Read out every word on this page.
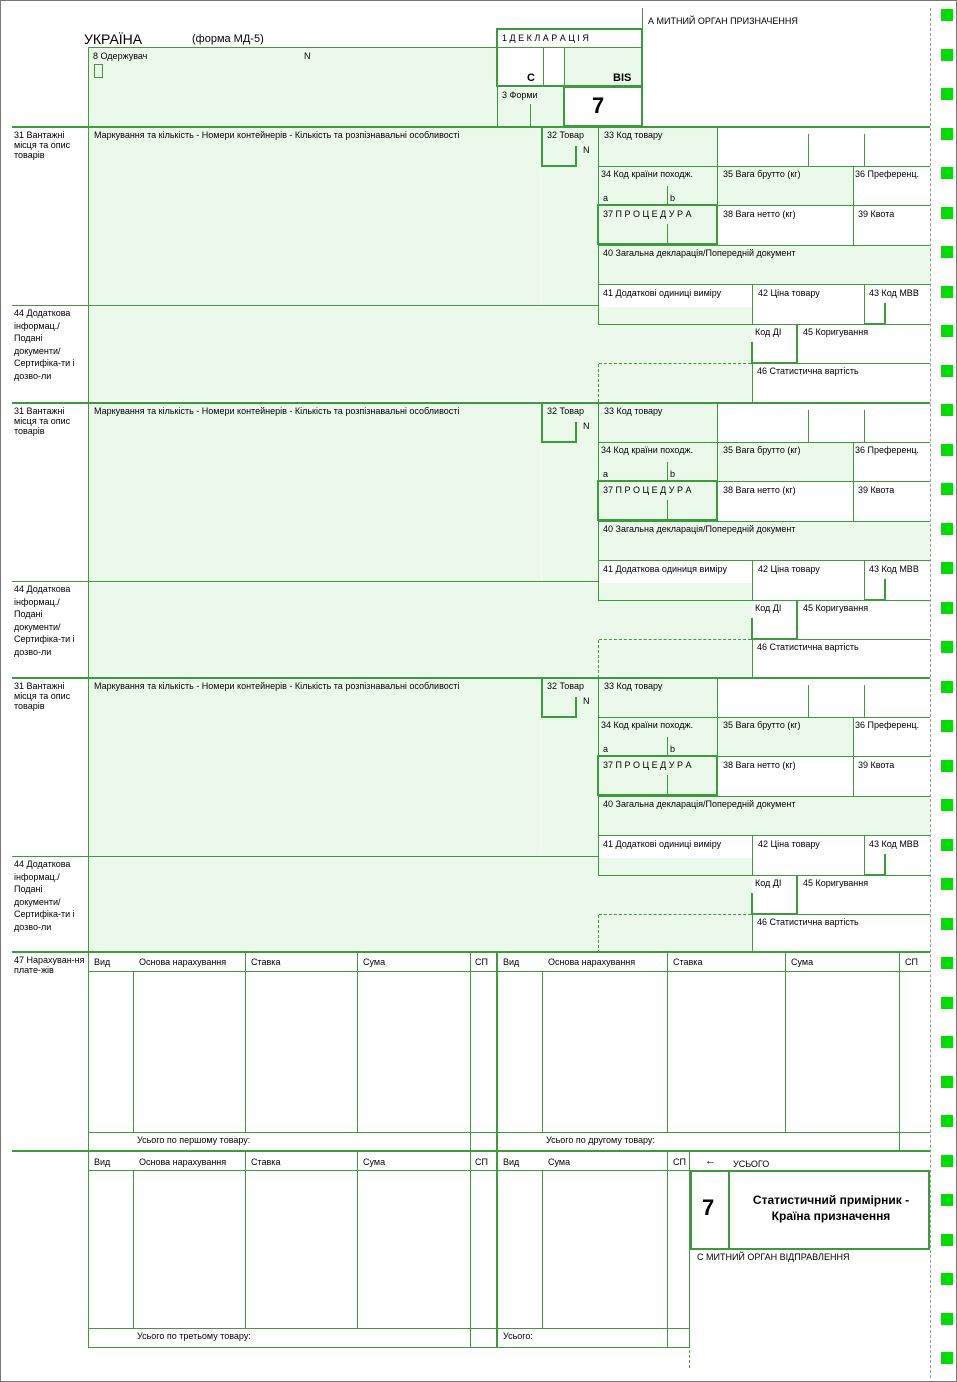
УКРАЇНА	(форма МД-5)
А МИТНИЙ ОРГАН ПРИЗНАЧЕННЯ
8 Одержувач	N
1 Д Е К Л А Р А Ц І Я
C	BIS
3 Форми 7
31 Вантажні місця та опис товарів
Маркування та кількість - Номери контейнерів - Кількість та розпізнавальні особливості	32 Товар
N
33 Код товару
34 Код країни походж.
a	b
35 Вага брутто (кг)	36 Преференц.
37 П Р О Ц Е Д У Р А	38 Вага нетто (кг)	39 Квота
40 Загальна декларація/Попередній документ
41 Додаткові одиниці виміру	42 Ціна товару	43 Код МВВ
44 Додаткова інформац./ Подані документи/ Сертифіка-ти і дозво-ли
Код ДІ 45 Коригування
46 Статистична вартість
31 Вантажні місця та опис товарів
Маркування та кількість - Номери контейнерів - Кількість та розпізнавальні особливості	32 Товар
N
33 Код товару
34 Код країни походж.
a	b
35 Вага брутто (кг)	36 Преференц.
37 П Р О Ц Е Д У Р А	38 Вага нетто (кг)	39 Квота
40 Загальна декларація/Попередній документ
41 Додаткова одиниця виміру	42 Ціна товару	43 Код МВВ
44 Додаткова інформац./ Подані документи/ Сертифіка-ти і дозво-ли
Код ДІ 45 Коригування
46 Статистична вартість
31 Вантажні місця та опис товарів
Маркування та кількість - Номери контейнерів - Кількість та розпізнавальні особливості	32 Товар
N
33 Код товару
34 Код країни походж.
a	b
35 Вага брутто (кг)	36 Преференц.
37 П Р О Ц Е Д У Р А	38 Вага нетто (кг)	39 Квота
40 Загальна декларація/Попередній документ
41 Додаткові одиниці виміру	42 Ціна товару	43 Код МВВ
44 Додаткова інформац./ Подані документи/ Сертифіка-ти і дозво-ли
Код ДІ 45 Коригування
46 Статистична вартість
47 Нарахуван-ня плате-жів
Вид	Основа нарахування	Ставка	Сума	СП
Усього по першому товару:
Вид	Основа нарахування	Ставка	Сума	СП
Усього по другому товару:
Вид	Основа нарахування	Ставка	Сума	СП
Усього по третьому товару:
Вид	Сума	СП
Усього:
← УСЬОГО
7	Статистичний примірник - Країна призначення
С МИТНИЙ ОРГАН ВІДПРАВЛЕННЯ
